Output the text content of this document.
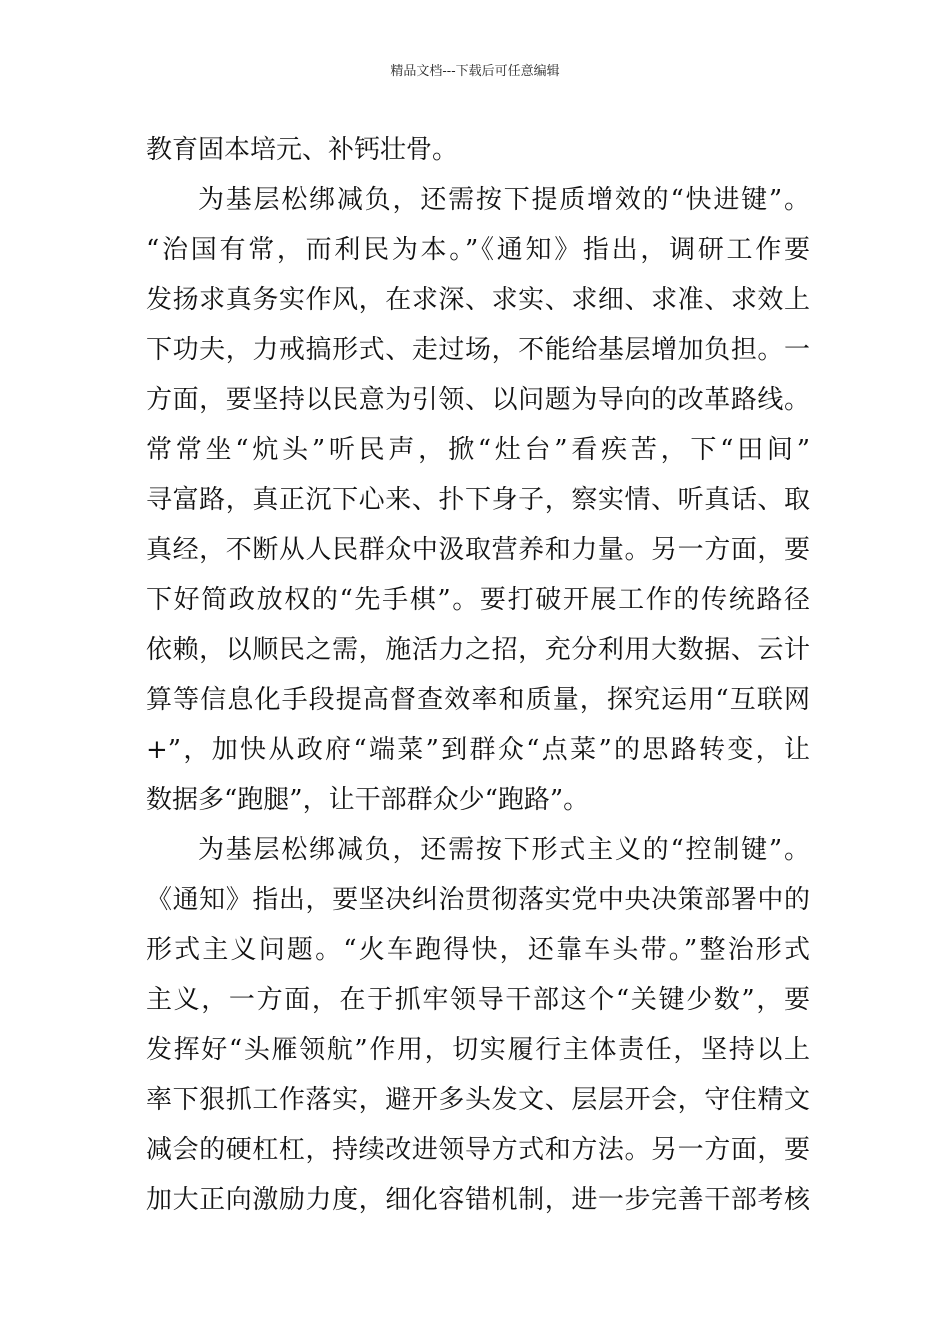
精品文档---下载后可任意编辑
教育固本培元、补钙壮骨。
为基层松绑减负，还需按下提质增效的“快进键”。
“治国有常，而利民为本。”《通知》指出，调研工作要
发扬求真务实作风，在求深、求实、求细、求准、求效上
下功夫，力戒搞形式、走过场，不能给基层增加负担。一
方面，要坚持以民意为引领、以问题为导向的改革路线。
常常坐“炕头”听民声，掀“灶台”看疾苦，下“田间”
寻富路，真正沉下心来、扑下身子，察实情、听真话、取
真经，不断从人民群众中汲取营养和力量。另一方面，要
下好简政放权的“先手棋”。要打破开展工作的传统路径
依赖，以顺民之需，施活力之招，充分利用大数据、云计
算等信息化手段提高督查效率和质量，探究运用“互联网
+”，加快从政府“端菜”到群众“点菜”的思路转变，让
数据多“跑腿”，让干部群众少“跑路”。
为基层松绑减负，还需按下形式主义的“控制键”。
《通知》指出，要坚决纠治贯彻落实党中央决策部署中的
形式主义问题。“火车跑得快，还靠车头带。”整治形式
主义，一方面，在于抓牢领导干部这个“关键少数”，要
发挥好“头雁领航”作用，切实履行主体责任，坚持以上
率下狠抓工作落实，避开多头发文、层层开会，守住精文
减会的硬杠杠，持续改进领导方式和方法。另一方面，要
加大正向激励力度，细化容错机制，进一步完善干部考核
